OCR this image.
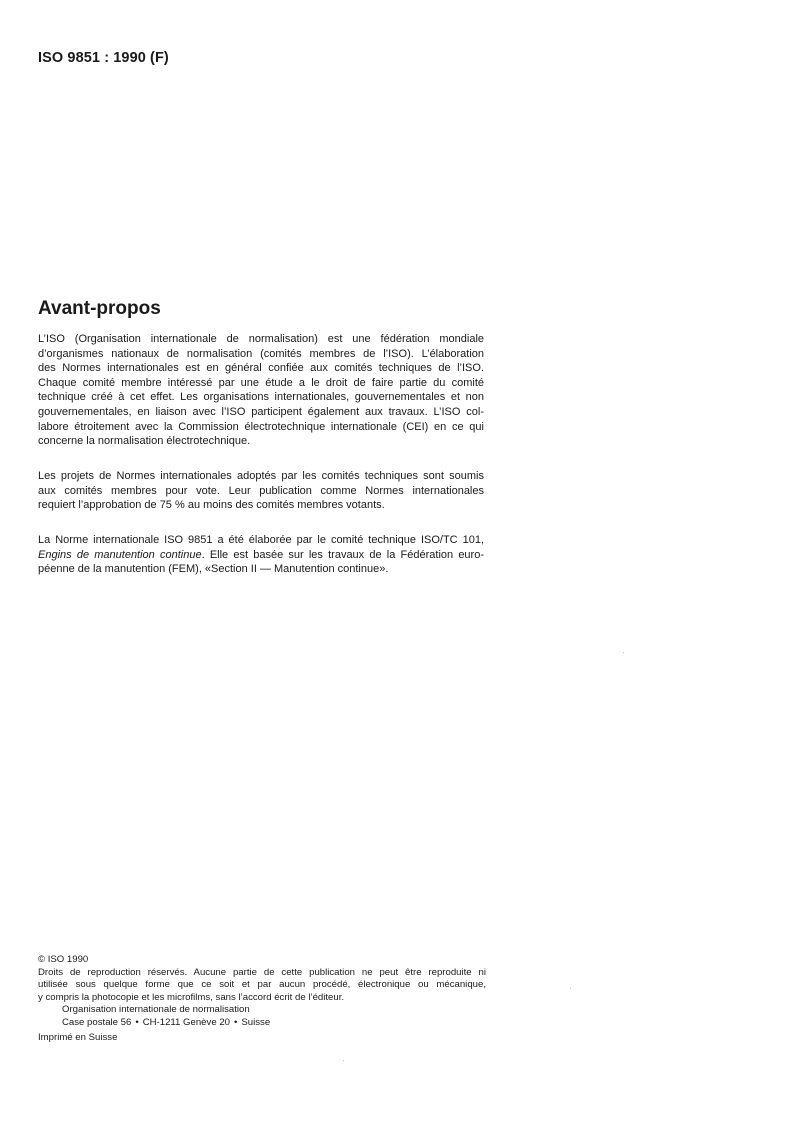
ISO 9851 : 1990 (F)
Avant-propos
L’ISO (Organisation internationale de normalisation) est une fédération mondiale
d’organismes nationaux de normalisation (comités membres de l’ISO). L’élaboration
des Normes internationales est en général confiée aux comités techniques de l’ISO.
Chaque comité membre intéressé par une étude a le droit de faire partie du comité
technique créé à cet effet. Les organisations internationales, gouvernementales et non
gouvernementales, en liaison avec l’ISO participent également aux travaux. L’ISO col-
labore étroitement avec la Commission électrotechnique internationale (CEI) en ce qui
concerne la normalisation électrotechnique.
Les projets de Normes internationales adoptés par les comités techniques sont soumis
aux comités membres pour vote. Leur publication comme Normes internationales
requiert l’approbation de 75 % au moins des comités membres votants.
La Norme internationale ISO 9851 a été élaborée par le comité technique ISO/TC 101,
Engins de manutention continue. Elle est basée sur les travaux de la Fédération euro-
péenne de la manutention (FEM), «Section II — Manutention continue».
© ISO 1990
Droits de reproduction réservés. Aucune partie de cette publication ne peut être reproduite ni
utilisée sous quelque forme que ce soit et par aucun procédé, électronique ou mécanique,
y compris la photocopie et les microfilms, sans l’accord écrit de l’éditeur.
Organisation internationale de normalisation
Case postale 56 • CH-1211 Genève 20 • Suisse
Imprimé en Suisse
